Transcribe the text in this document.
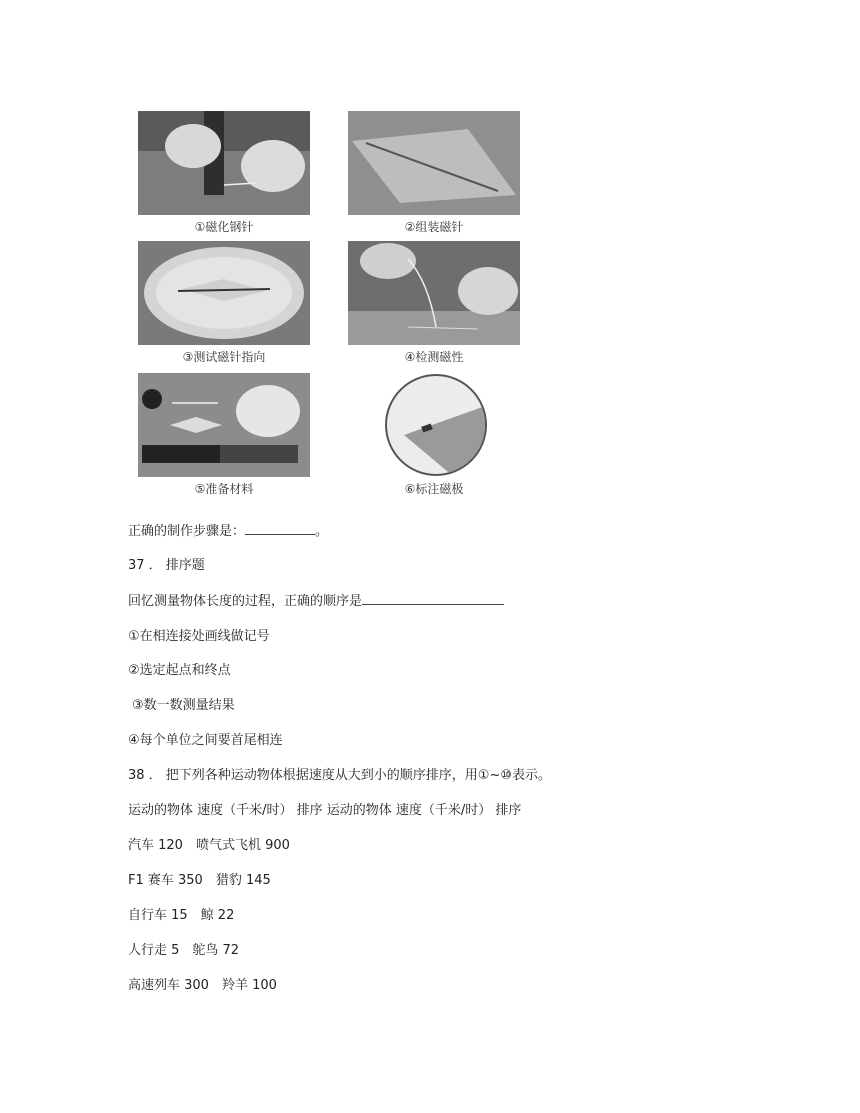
①磁化钢针	②组装磁针
③测试磁针指向	④检测磁性
⑤准备材料	⑥标注磁极
正确的制作步骤是：	。
37 ． 排序题
回忆测量物体长度的过程，正确的顺序是
①在相连接处画线做记号
②选定起点和终点
③数一数测量结果
④每个单位之间要首尾相连
38 ． 把下列各种运动物体根据速度从大到小的顺序排序，用①~⑩表示。
运动的物体 速度（千米/时） 排序 运动的物体 速度（千米/时） 排序
汽车 120　喷气式飞机 900
F1 赛车 350　猎豹 145
自行车 15　鲸 22
人行走 5　鸵鸟 72
高速列车 300　羚羊 100
